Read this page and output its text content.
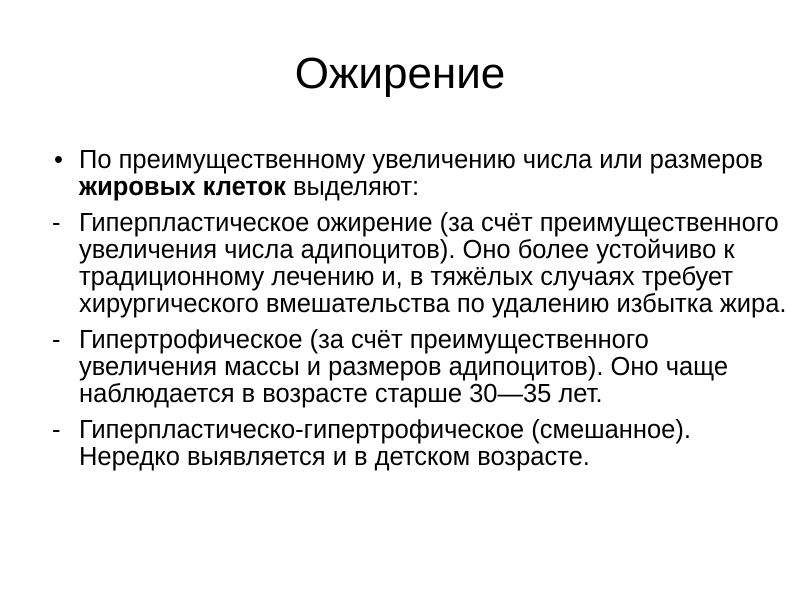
Ожирение
• По преимущественному увеличению числа или размеров жировых клеток выделяют:
- Гиперпластическое ожирение (за счёт преимущественного увеличения числа адипоцитов). Оно более устойчиво к традиционному лечению и, в тяжёлых случаях требует хирургического вмешательства по удалению избытка жира.
- Гипертрофическое (за счёт преимущественного увеличения массы и размеров адипоцитов). Оно чаще наблюдается в возрасте старше 30—35 лет.
- Гиперпластическо-гипертрофическое (смешанное). Нередко выявляется и в детском возрасте.
